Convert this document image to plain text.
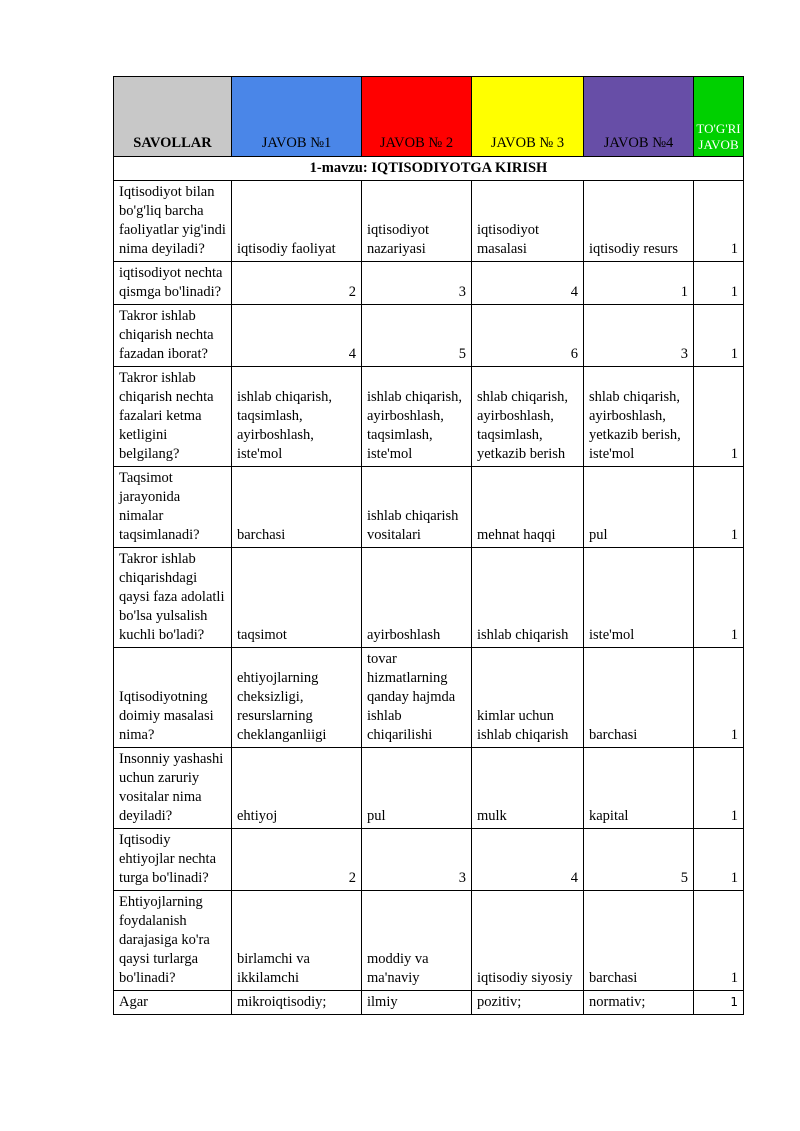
SAVOLLAR	JAVOB №1	JAVOB № 2	JAVOB № 3	JAVOB №4	TO'G'RI JAVOB
1-mavzu: IQTISODIYOTGA KIRISH					
Iqtisodiyot bilan bo'g'liq barcha faoliyatlar yig'indi nima deyiladi?	iqtisodiy faoliyat	iqtisodiyot nazariyasi	iqtisodiyot masalasi	iqtisodiy resurs	1
iqtisodiyot nechta qismga bo'linadi?	2	3	4	1	1
Takror ishlab chiqarish nechta fazadan iborat?	4	5	6	3	1
Takror ishlab chiqarish nechta fazalari ketma ketligini belgilang?	ishlab chiqarish, taqsimlash, ayirboshlash, iste'mol	ishlab chiqarish, ayirboshlash, taqsimlash, iste'mol	shlab chiqarish, ayirboshlash, taqsimlash, yetkazib berish	shlab chiqarish, ayirboshlash, yetkazib berish, iste'mol	1
Taqsimot jarayonida nimalar taqsimlanadi?	barchasi	ishlab chiqarish vositalari	mehnat haqqi	pul	1
Takror ishlab chiqarishdagi qaysi faza adolatli bo'lsa yulsalish kuchli bo'ladi?	taqsimot	ayirboshlash	ishlab chiqarish	iste'mol	1
Iqtisodiyotning doimiy masalasi nima?	ehtiyojlarning cheksizligi, resurslarning cheklanganliigi	tovar hizmatlarning qanday hajmda ishlab chiqarilishi	kimlar uchun ishlab chiqarish	barchasi	1
Insonniy yashashi uchun zaruriy vositalar nima deyiladi?	ehtiyoj	pul	mulk	kapital	1
Iqtisodiy ehtiyojlar nechta turga bo'linadi?	2	3	4	5	1
Ehtiyojlarning foydalanish darajasiga ko'ra qaysi turlarga bo'linadi?	birlamchi va ikkilamchi	moddiy va ma'naviy	iqtisodiy siyosiy	barchasi	1
Agar	mikroiqtisodiy;	ilmiy	pozitiv;	normativ;	1
